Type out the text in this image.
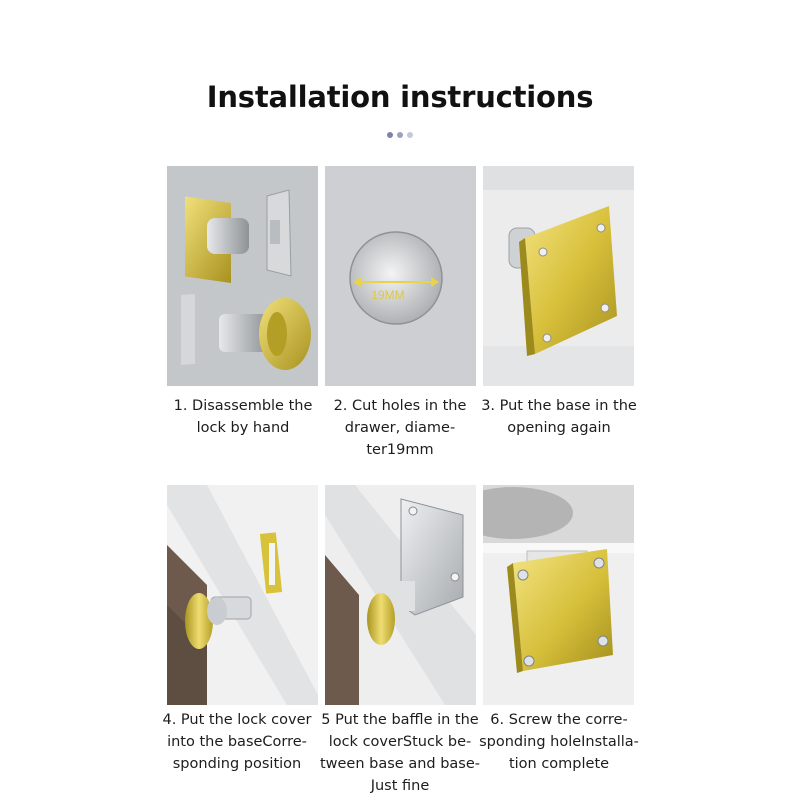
Installation instructions
1. Disassemble the
lock by hand
19MM
2. Cut holes in the
drawer, diame-
ter19mm
3. Put the base in the
opening again
4. Put the lock cover
into the baseCorre-
sponding position
5 Put the baffle in the
lock coverStuck be-
tween base and base-
Just fine
6. Screw the corre-
sponding holeInstalla-
tion complete
